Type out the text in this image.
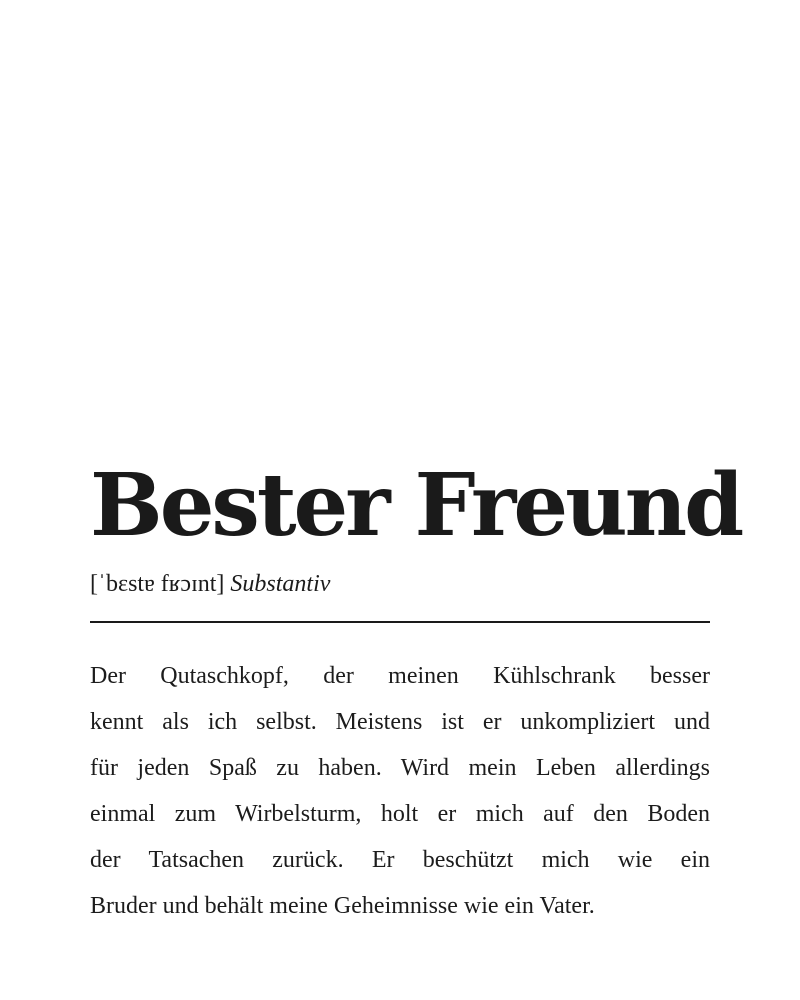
Bester Freund
[ˈbɛstɐ fʁɔɪnt] Substantiv
Der Qutaschkopf, der meinen Kühlschrank besser
kennt als ich selbst. Meistens ist er unkompliziert und
für jeden Spaß zu haben. Wird mein Leben allerdings
einmal zum Wirbelsturm, holt er mich auf den Boden
der Tatsachen zurück. Er beschützt mich wie ein
Bruder und behält meine Geheimnisse wie ein Vater.
